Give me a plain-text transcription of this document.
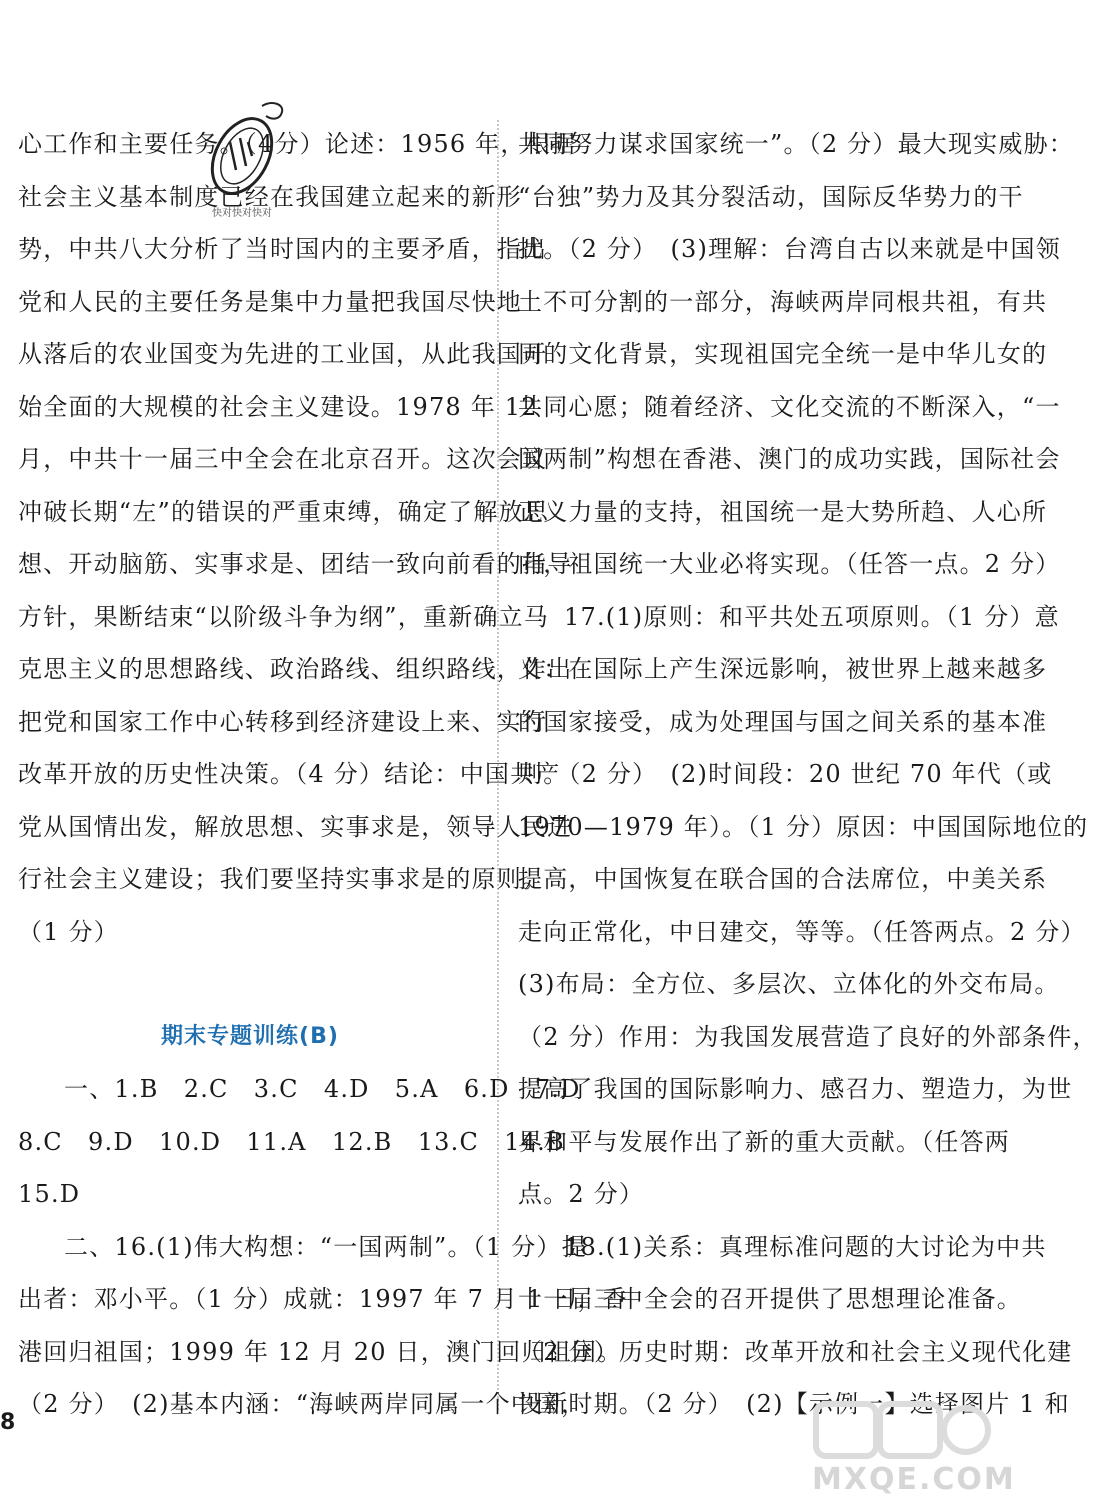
心工作和主要任务。（4分）论述：1956 年，根据
社会主义基本制度已经在我国建立起来的新形
势，中共八大分析了当时国内的主要矛盾，指出
党和人民的主要任务是集中力量把我国尽快地
从落后的农业国变为先进的工业国，从此我国开
始全面的大规模的社会主义建设。1978 年 12
月，中共十一届三中全会在北京召开。这次会议
冲破长期“左”的错误的严重束缚，确定了解放思
想、开动脑筋、实事求是、团结一致向前看的指导
方针，果断结束“以阶级斗争为纲”，重新确立马
克思主义的思想路线、政治路线、组织路线，作出
把党和国家工作中心转移到经济建设上来、实行
改革开放的历史性决策。（4 分）结论：中国共产
党从国情出发，解放思想、实事求是，领导人民进
行社会主义建设；我们要坚持实事求是的原则。
（1 分）
期末专题训练(B)
一、1.B　2.C　3.C　4.D　5.A　6.D　7.D
8.C　9.D　10.D　11.A　12.B　13.C　14.B
15.D
二、16.(1)伟大构想：“一国两制”。（1 分）提
出者：邓小平。（1 分）成就：1997 年 7 月 1 日，香
港回归祖国；1999 年 12 月 20 日，澳门回归祖国。
（2 分）　(2)基本内涵：“海峡两岸同属一个中国，
共同努力谋求国家统一”。（2 分）最大现实威胁：
“台独”势力及其分裂活动，国际反华势力的干
扰。（2 分）　(3)理解：台湾自古以来就是中国领
土不可分割的一部分，海峡两岸同根共祖，有共
同的文化背景，实现祖国完全统一是中华儿女的
共同心愿；随着经济、文化交流的不断深入，“一
国两制”构想在香港、澳门的成功实践，国际社会
正义力量的支持，祖国统一是大势所趋、人心所
向，祖国统一大业必将实现。（任答一点。2 分）
17.(1)原则：和平共处五项原则。（1 分）意
义：在国际上产生深远影响，被世界上越来越多
的国家接受，成为处理国与国之间关系的基本准
则。（2 分）　(2)时间段：20 世纪 70 年代（或
1970—1979 年）。（1 分）原因：中国国际地位的
提高，中国恢复在联合国的合法席位，中美关系
走向正常化，中日建交，等等。（任答两点。2 分）
(3)布局：全方位、多层次、立体化的外交布局。
（2 分）作用：为我国发展营造了良好的外部条件，
提高了我国的国际影响力、感召力、塑造力，为世
界和平与发展作出了新的重大贡献。（任答两
点。2 分）
18.(1)关系：真理标准问题的大讨论为中共
十一届三中全会的召开提供了思想理论准备。
（2 分）历史时期：改革开放和社会主义现代化建
设新时期。（2 分）　(2)【示例一】选择图片 1 和
快对快对快对
8
MXQE.COM
